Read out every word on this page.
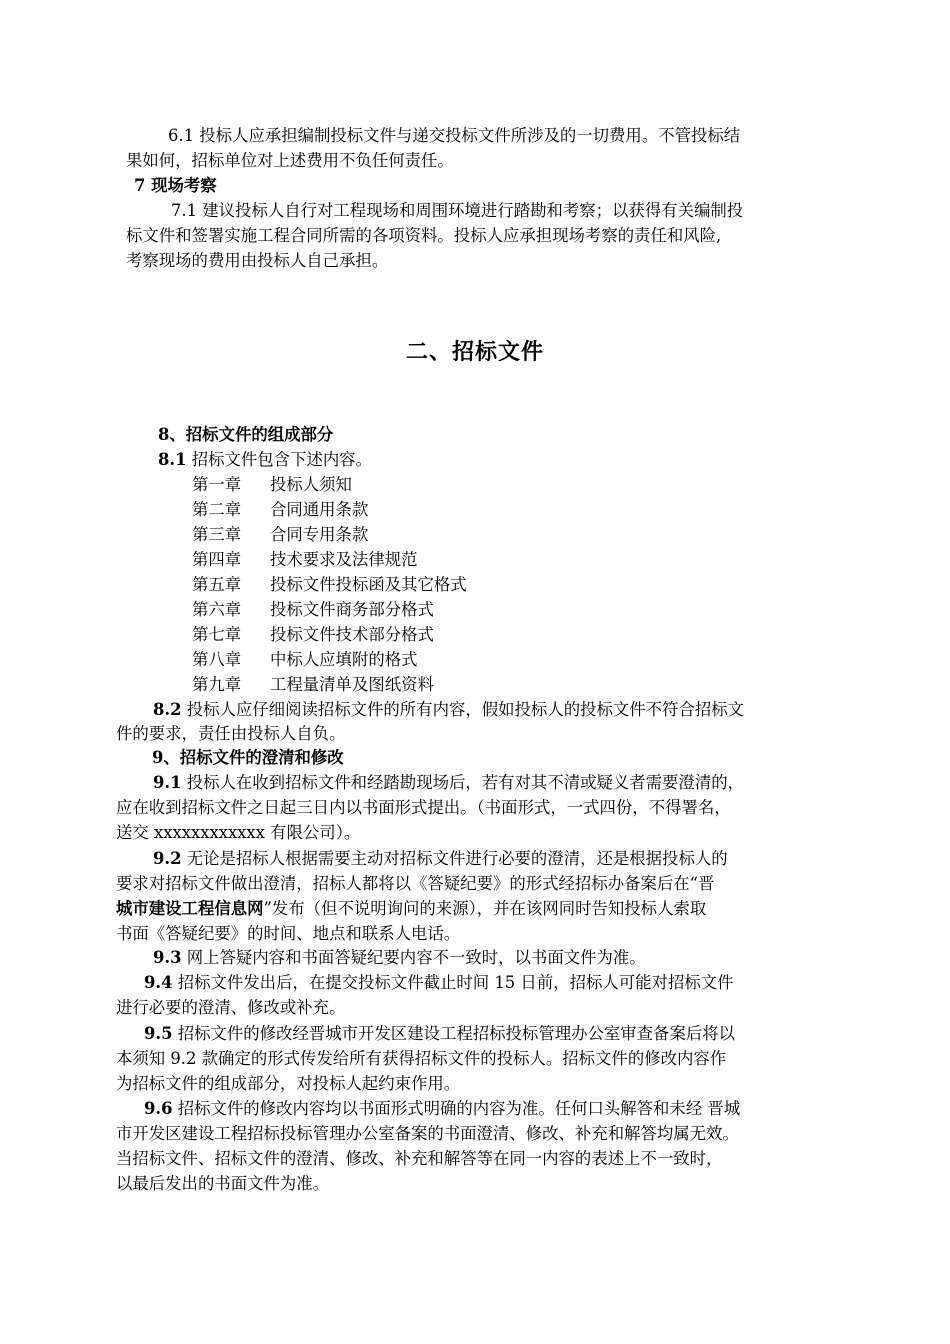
6.1 投标人应承担编制投标文件与递交投标文件所涉及的一切费用。不管投标结
果如何，招标单位对上述费用不负任何责任。
7 现场考察
7.1 建议投标人自行对工程现场和周围环境进行踏勘和考察；以获得有关编制投
标文件和签署实施工程合同所需的各项资料。投标人应承担现场考察的责任和风险,
考察现场的费用由投标人自己承担。
二、招标文件
8、招标文件的组成部分
8.1 招标文件包含下述内容。
第一章 投标人须知
第二章 合同通用条款
第三章 合同专用条款
第四章 技术要求及法律规范
第五章 投标文件投标函及其它格式
第六章 投标文件商务部分格式
第七章 投标文件技术部分格式
第八章 中标人应填附的格式
第九章 工程量清单及图纸资料
8.2 投标人应仔细阅读招标文件的所有内容，假如投标人的投标文件不符合招标文
件的要求，责任由投标人自负。
9、招标文件的澄清和修改
9.1 投标人在收到招标文件和经踏勘现场后，若有对其不清或疑义者需要澄清的，
应在收到招标文件之日起三日内以书面形式提出。（书面形式，一式四份，不得署名，
送交 xxxxxxxxxxxx 有限公司）。
9.2 无论是招标人根据需要主动对招标文件进行必要的澄清，还是根据投标人的
要求对招标文件做出澄清，招标人都将以《答疑纪要》的形式经招标办备案后在“晋
城市建设工程信息网”发布（但不说明询问的来源），并在该网同时告知投标人索取
书面《答疑纪要》的时间、地点和联系人电话。
9.3 网上答疑内容和书面答疑纪要内容不一致时，以书面文件为准。
9.4 招标文件发出后，在提交投标文件截止时间 15 日前，招标人可能对招标文件
进行必要的澄清、修改或补充。
9.5 招标文件的修改经晋城市开发区建设工程招标投标管理办公室审查备案后将以
本须知 9.2 款确定的形式传发给所有获得招标文件的投标人。招标文件的修改内容作
为招标文件的组成部分，对投标人起约束作用。
9.6 招标文件的修改内容均以书面形式明确的内容为准。任何口头解答和未经 晋城
市开发区建设工程招标投标管理办公室备案的书面澄清、修改、补充和解答均属无效。
当招标文件、招标文件的澄清、修改、补充和解答等在同一内容的表述上不一致时，
以最后发出的书面文件为准。
